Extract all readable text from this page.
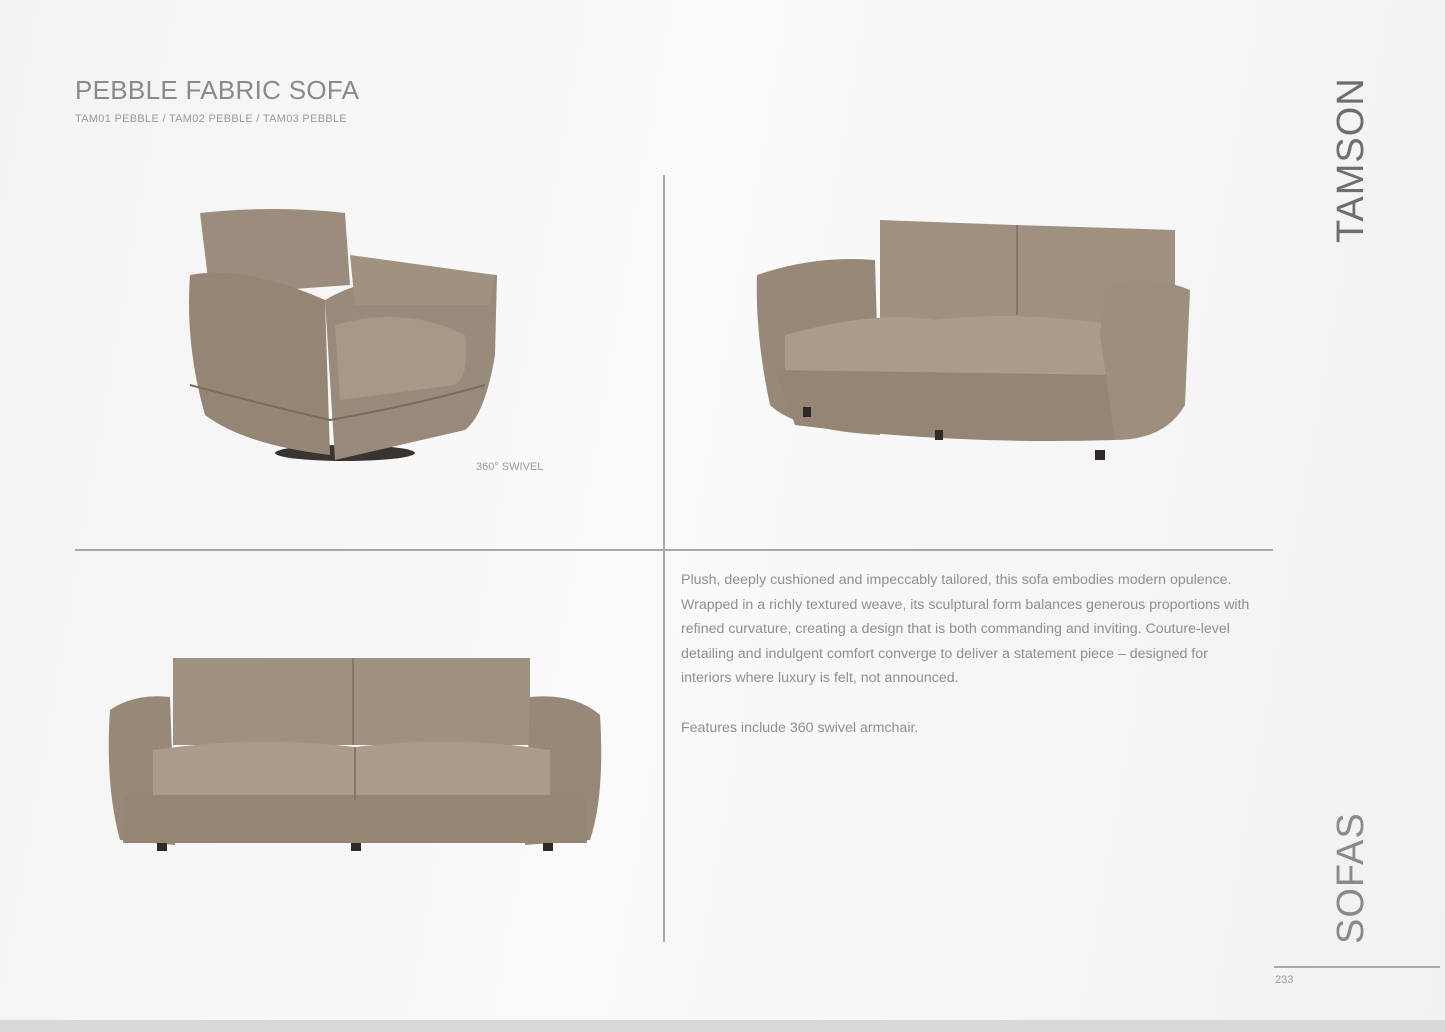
PEBBLE FABRIC SOFA
TAM01 PEBBLE / TAM02 PEBBLE / TAM03 PEBBLE
360° SWIVEL

Plush, deeply cushioned and impeccably tailored, this sofa embodies modern opulence. Wrapped in a richly textured weave, its sculptural form balances generous proportions with refined curvature, creating a design that is both commanding and inviting. Couture-level detailing and indulgent comfort converge to deliver a statement piece – designed for interiors where luxury is felt, not announced.

Features include 360 swivel armchair.

TAMSON
SOFAS
233
